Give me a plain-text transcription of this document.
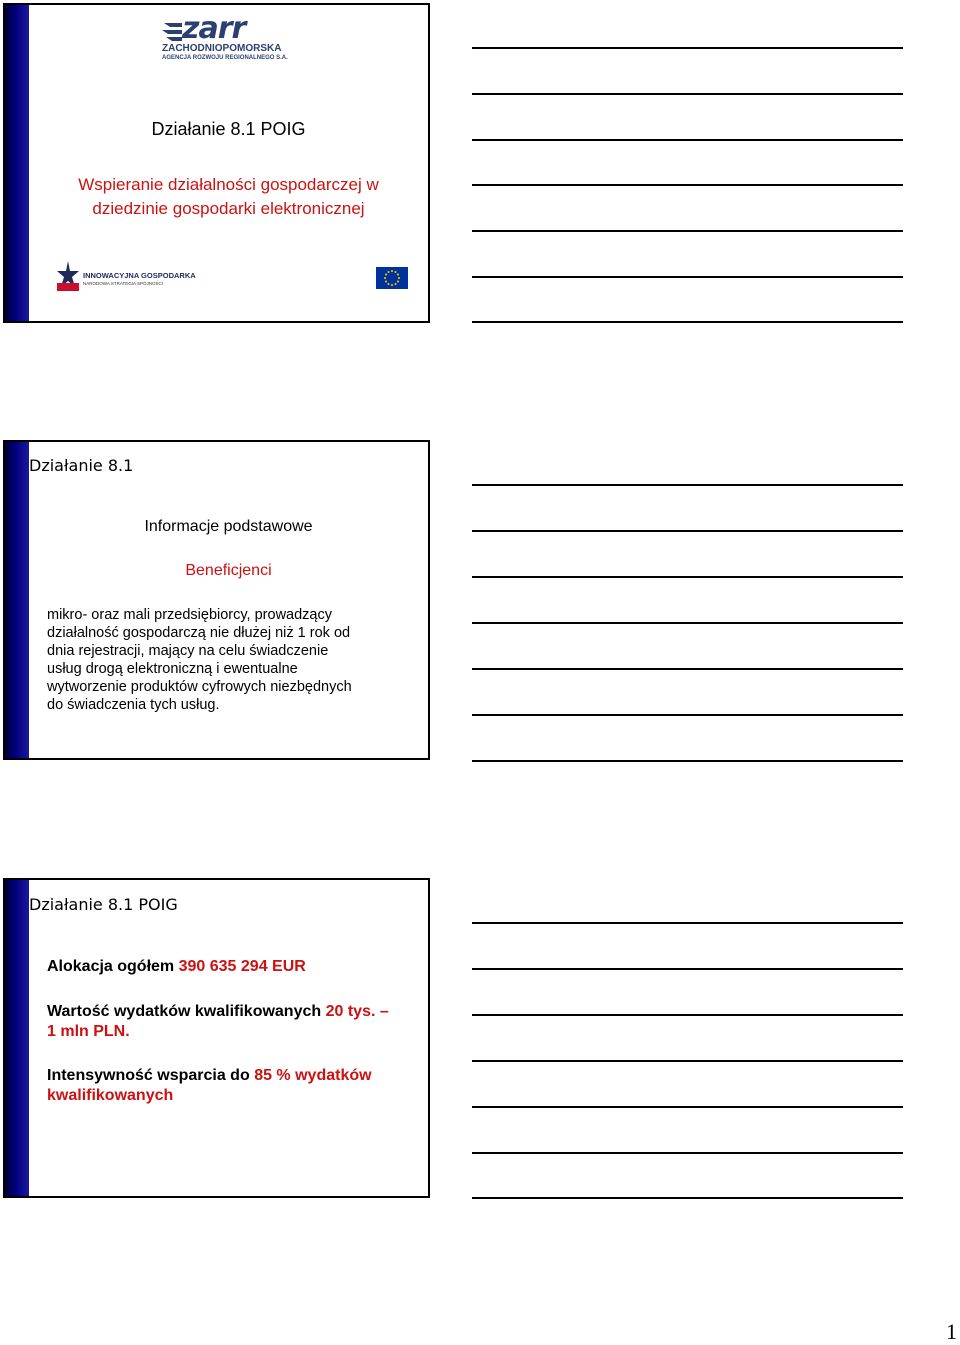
zarr
ZACHODNIOPOMORSKA
AGENCJA ROZWOJU REGIONALNEGO S.A.
Działanie 8.1 POIG
Wspieranie działalności gospodarczej w
dziedzinie gospodarki elektronicznej
INNOWACYJNA GOSPODARKA
NARODOWA STRATEGIA SPÓJNOŚCI
Działanie 8.1
Informacje podstawowe
Beneficjenci
mikro- oraz mali przedsiębiorcy, prowadzący
działalność gospodarczą nie dłużej niż 1 rok od
dnia rejestracji, mający na celu świadczenie
usług drogą elektroniczną i ewentualne
wytworzenie produktów cyfrowych niezbędnych
do świadczenia tych usług.
Działanie 8.1 POIG
Alokacja ogółem 390 635 294 EUR
Wartość wydatków kwalifikowanych 20 tys. –
1 mln PLN.
Intensywność wsparcia do 85 % wydatków
kwalifikowanych
1
